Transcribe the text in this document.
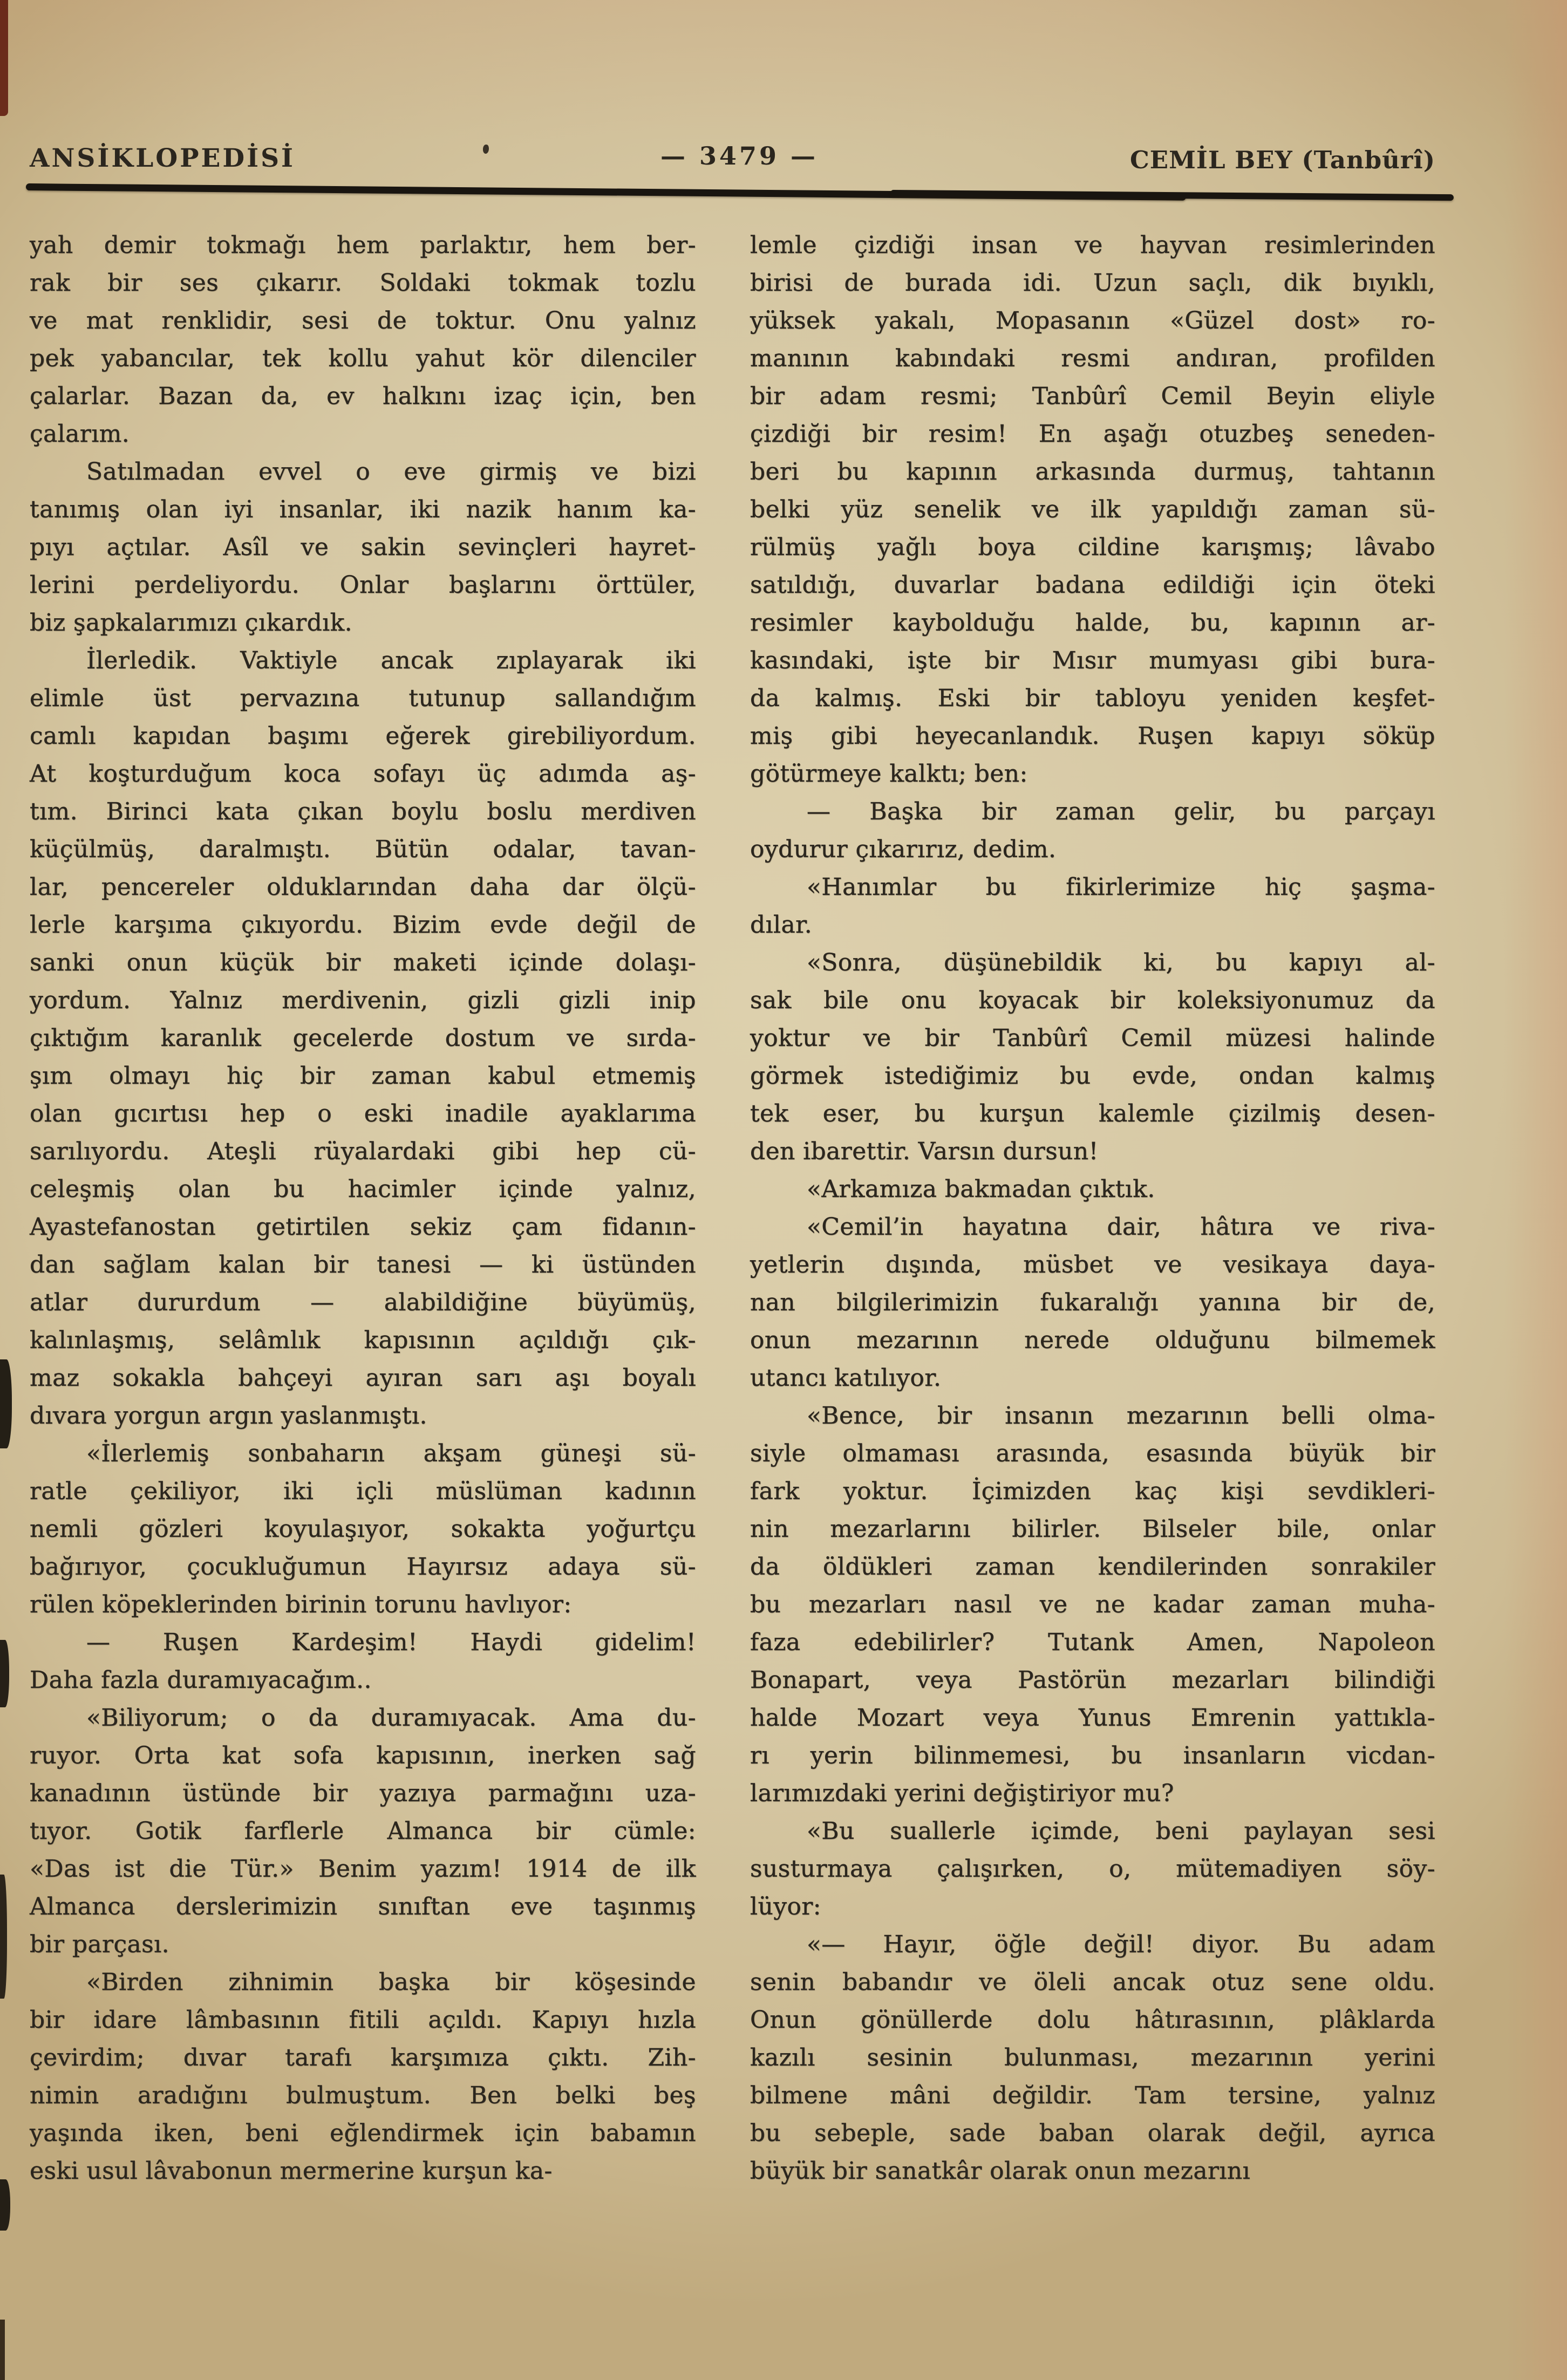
ANSİKLOPEDİSİ	— 3479 —	CEMİL BEY (Tanbûrî)
yah demir tokmağı hem parlaktır, hem ber-
rak bir ses çıkarır. Soldaki tokmak tozlu
ve mat renklidir, sesi de toktur. Onu yalnız
pek yabancılar, tek kollu yahut kör dilenciler
çalarlar. Bazan da, ev halkını izaç için, ben
çalarım.
Satılmadan evvel o eve girmiş ve bizi
tanımış olan iyi insanlar, iki nazik hanım ka-
pıyı açtılar. Asîl ve sakin sevinçleri hayret-
lerini perdeliyordu. Onlar başlarını örttüler,
biz şapkalarımızı çıkardık.
İlerledik. Vaktiyle ancak zıplayarak iki
elimle üst pervazına tutunup sallandığım
camlı kapıdan başımı eğerek girebiliyordum.
At koşturduğum koca sofayı üç adımda aş-
tım. Birinci kata çıkan boylu boslu merdiven
küçülmüş, daralmıştı. Bütün odalar, tavan-
lar, pencereler olduklarından daha dar ölçü-
lerle karşıma çıkıyordu. Bizim evde değil de
sanki onun küçük bir maketi içinde dolaşı-
yordum. Yalnız merdivenin, gizli gizli inip
çıktığım karanlık gecelerde dostum ve sırda-
şım olmayı hiç bir zaman kabul etmemiş
olan gıcırtısı hep o eski inadile ayaklarıma
sarılıyordu. Ateşli rüyalardaki gibi hep cü-
celeşmiş olan bu hacimler içinde yalnız,
Ayastefanostan getirtilen sekiz çam fidanın-
dan sağlam kalan bir tanesi — ki üstünden
atlar dururdum — alabildiğine büyümüş,
kalınlaşmış, selâmlık kapısının açıldığı çık-
maz sokakla bahçeyi ayıran sarı aşı boyalı
dıvara yorgun argın yaslanmıştı.
«İlerlemiş sonbaharın akşam güneşi sü-
ratle çekiliyor, iki içli müslüman kadının
nemli gözleri koyulaşıyor, sokakta yoğurtçu
bağırıyor, çocukluğumun Hayırsız adaya sü-
rülen köpeklerinden birinin torunu havlıyor:
— Ruşen Kardeşim! Haydi gidelim!
Daha fazla duramıyacağım..
«Biliyorum; o da duramıyacak. Ama du-
ruyor. Orta kat sofa kapısının, inerken sağ
kanadının üstünde bir yazıya parmağını uza-
tıyor. Gotik farflerle Almanca bir cümle:
«Das ist die Tür.» Benim yazım! 1914 de ilk
Almanca derslerimizin sınıftan eve taşınmış
bir parçası.
«Birden zihnimin başka bir köşesinde
bir idare lâmbasının fitili açıldı. Kapıyı hızla
çevirdim; dıvar tarafı karşımıza çıktı. Zih-
nimin aradığını bulmuştum. Ben belki beş
yaşında iken, beni eğlendirmek için babamın
eski usul lâvabonun mermerine kurşun ka-
lemle çizdiği insan ve hayvan resimlerinden
birisi de burada idi. Uzun saçlı, dik bıyıklı,
yüksek yakalı, Mopasanın «Güzel dost» ro-
manının kabındaki resmi andıran, profilden
bir adam resmi; Tanbûrî Cemil Beyin eliyle
çizdiği bir resim! En aşağı otuzbeş seneden-
beri bu kapının arkasında durmuş, tahtanın
belki yüz senelik ve ilk yapıldığı zaman sü-
rülmüş yağlı boya cildine karışmış; lâvabo
satıldığı, duvarlar badana edildiği için öteki
resimler kaybolduğu halde, bu, kapının ar-
kasındaki, işte bir Mısır mumyası gibi bura-
da kalmış. Eski bir tabloyu yeniden keşfet-
miş gibi heyecanlandık. Ruşen kapıyı söküp
götürmeye kalktı; ben:
— Başka bir zaman gelir, bu parçayı
oydurur çıkarırız, dedim.
«Hanımlar bu fikirlerimize hiç şaşma-
dılar.
«Sonra, düşünebildik ki, bu kapıyı al-
sak bile onu koyacak bir koleksiyonumuz da
yoktur ve bir Tanbûrî Cemil müzesi halinde
görmek istediğimiz bu evde, ondan kalmış
tek eser, bu kurşun kalemle çizilmiş desen-
den ibarettir. Varsın dursun!
«Arkamıza bakmadan çıktık.
«Cemil’in hayatına dair, hâtıra ve riva-
yetlerin dışında, müsbet ve vesikaya daya-
nan bilgilerimizin fukaralığı yanına bir de,
onun mezarının nerede olduğunu bilmemek
utancı katılıyor.
«Bence, bir insanın mezarının belli olma-
siyle olmaması arasında, esasında büyük bir
fark yoktur. İçimizden kaç kişi sevdikleri-
nin mezarlarını bilirler. Bilseler bile, onlar
da öldükleri zaman kendilerinden sonrakiler
bu mezarları nasıl ve ne kadar zaman muha-
faza edebilirler? Tutank Amen, Napoleon
Bonapart, veya Pastörün mezarları bilindiği
halde Mozart veya Yunus Emrenin yattıkla-
rı yerin bilinmemesi, bu insanların vicdan-
larımızdaki yerini değiştiriyor mu?
«Bu suallerle içimde, beni paylayan sesi
susturmaya çalışırken, o, mütemadiyen söy-
lüyor:
«— Hayır, öğle değil! diyor. Bu adam
senin babandır ve öleli ancak otuz sene oldu.
Onun gönüllerde dolu hâtırasının, plâklarda
kazılı sesinin bulunması, mezarının yerini
bilmene mâni değildir. Tam tersine, yalnız
bu sebeple, sade baban olarak değil, ayrıca
büyük bir sanatkâr olarak onun mezarını
